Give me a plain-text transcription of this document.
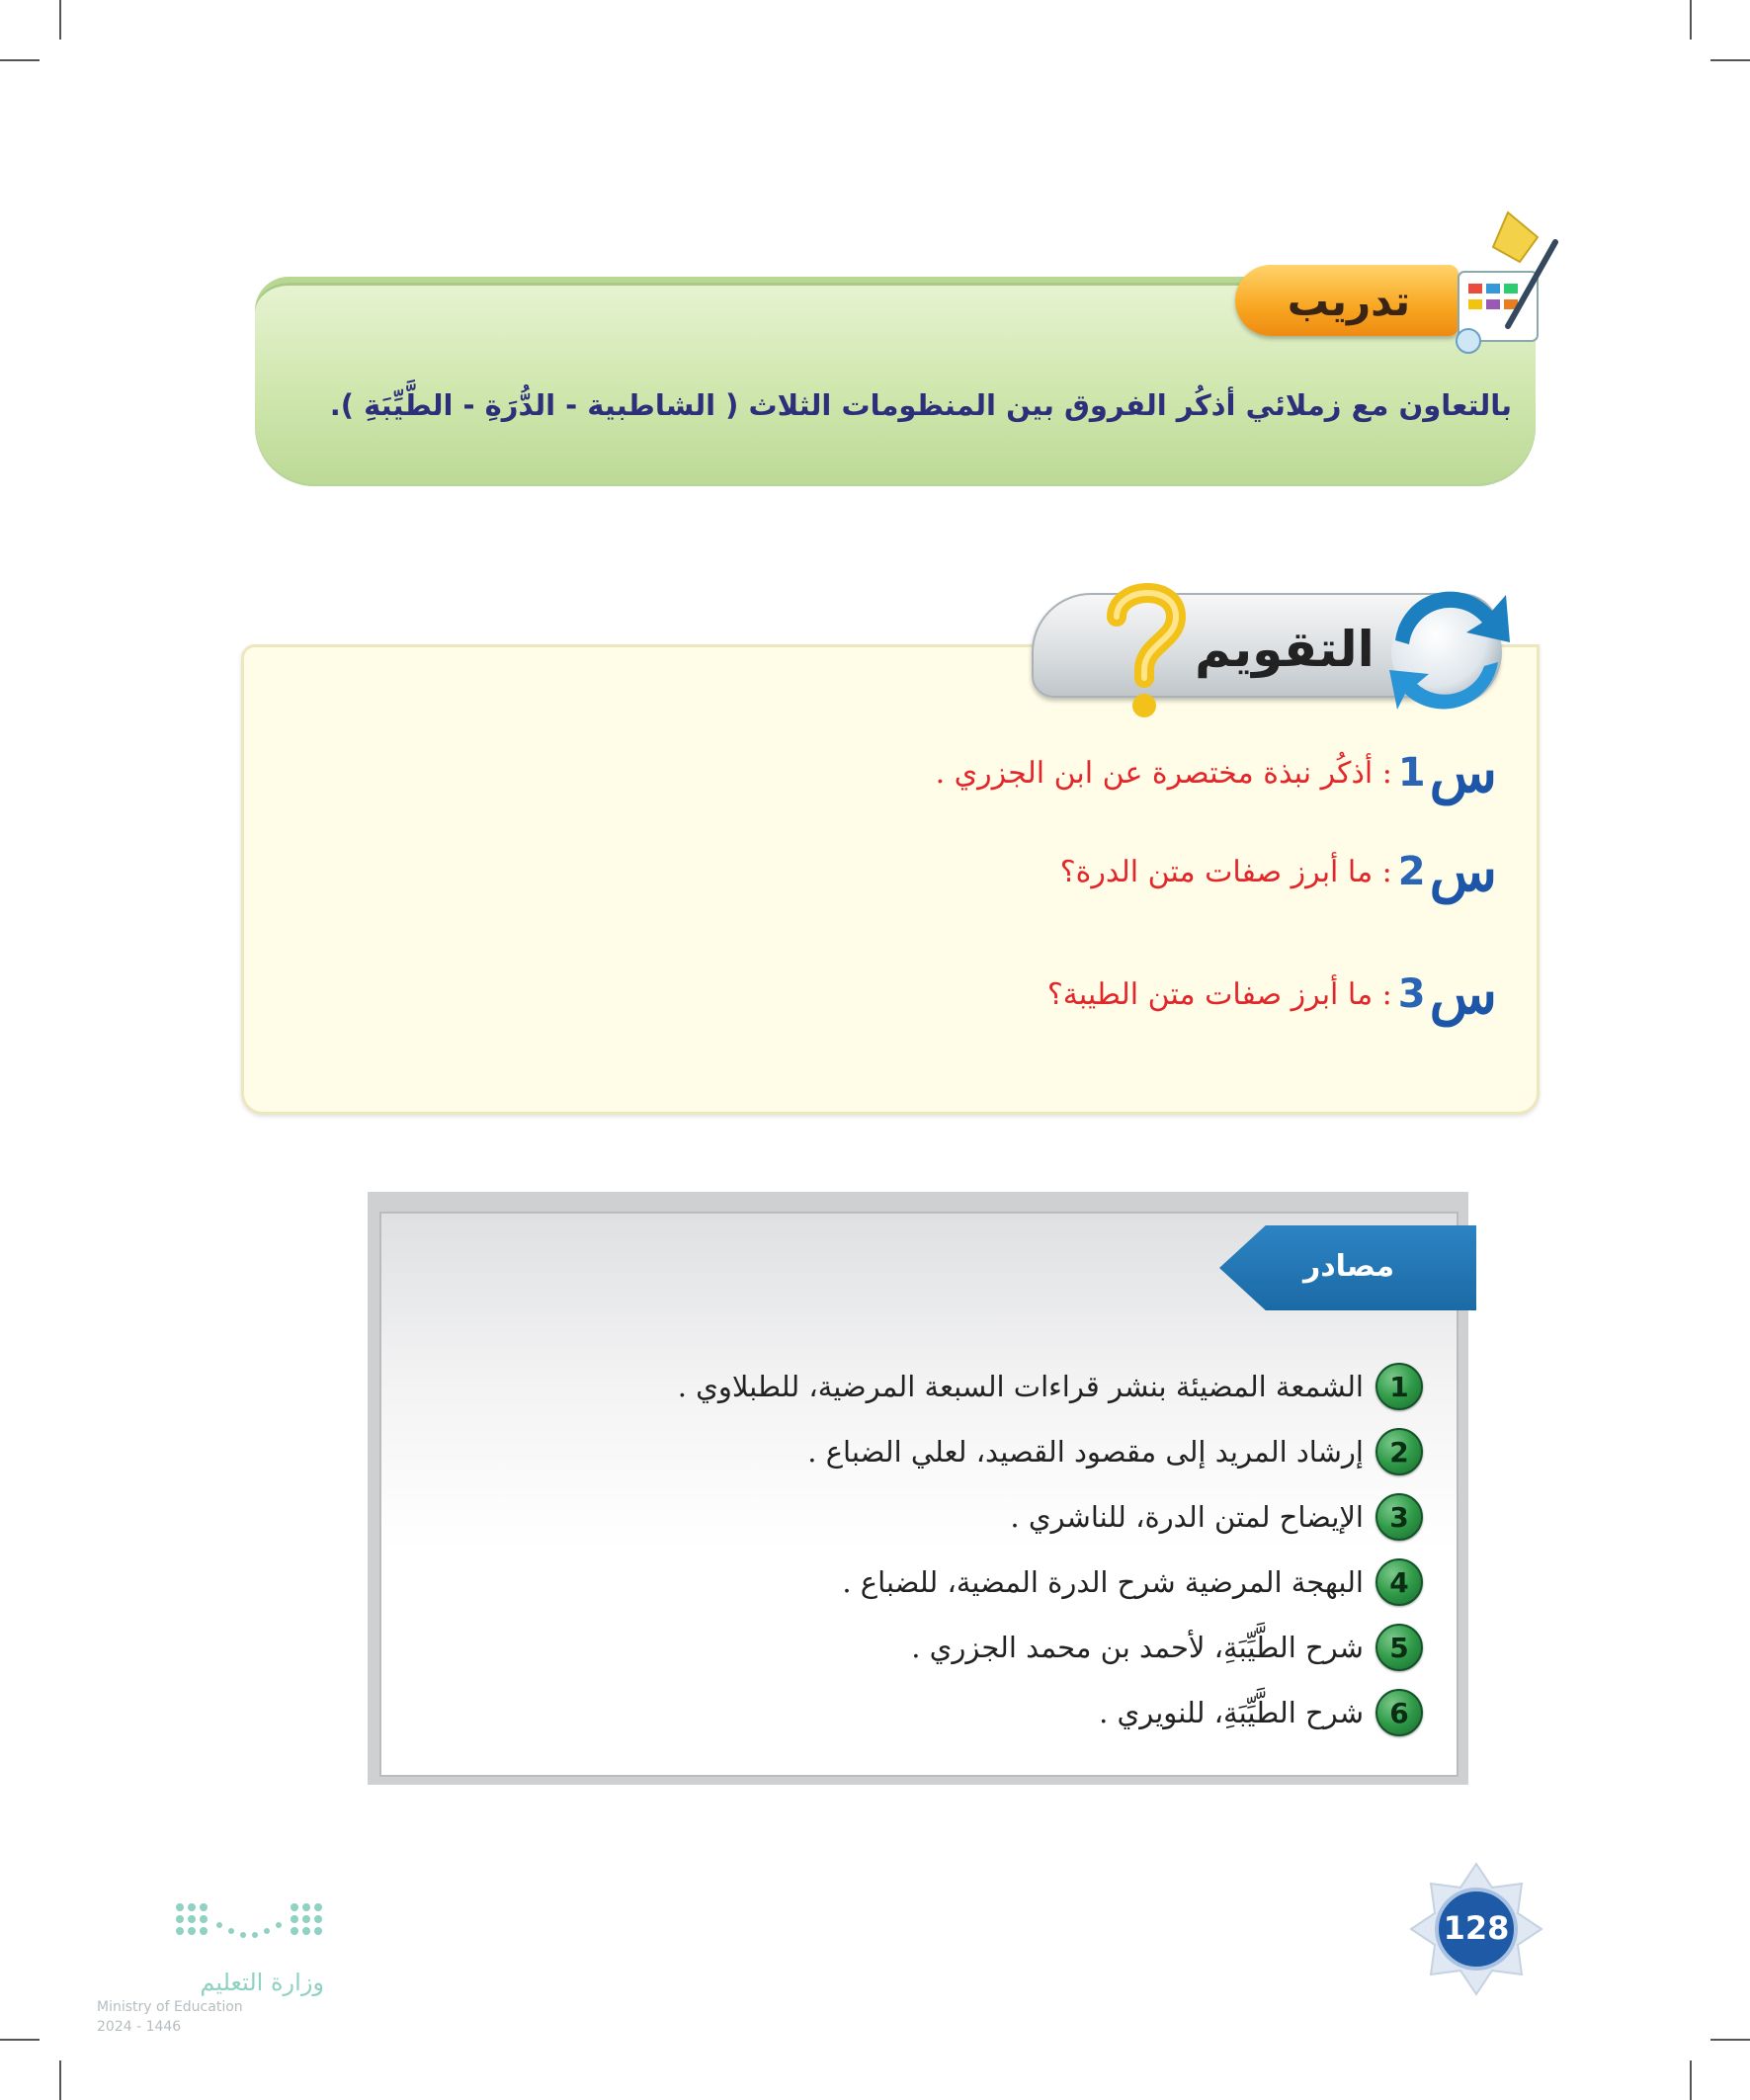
تدريب
بالتعاون مع زملائي أذكُر الفروق بين المنظومات الثلاث ( الشاطبية - الدُّرَةِ - الطَّيِّبَةِ ).
التقويم
س
1
: أذكُر نبذة مختصرة عن ابن الجزري .
س
2
: ما أبرز صفات متن الدرة؟
س
3
: ما أبرز صفات متن الطيبة؟
مصادر
1
الشمعة المضيئة بنشر قراءات السبعة المرضية، للطبلاوي .
2
إرشاد المريد إلى مقصود القصيد، لعلي الضباع .
3
الإيضاح لمتن الدرة، للناشري .
4
البهجة المرضية شرح الدرة المضية، للضباع .
5
شرح الطَّيِّبَةِ، لأحمد بن محمد الجزري .
6
شرح الطَّيِّبَةِ، للنويري .
128
وزارة التعليم
Ministry of Education
2024 - 1446
